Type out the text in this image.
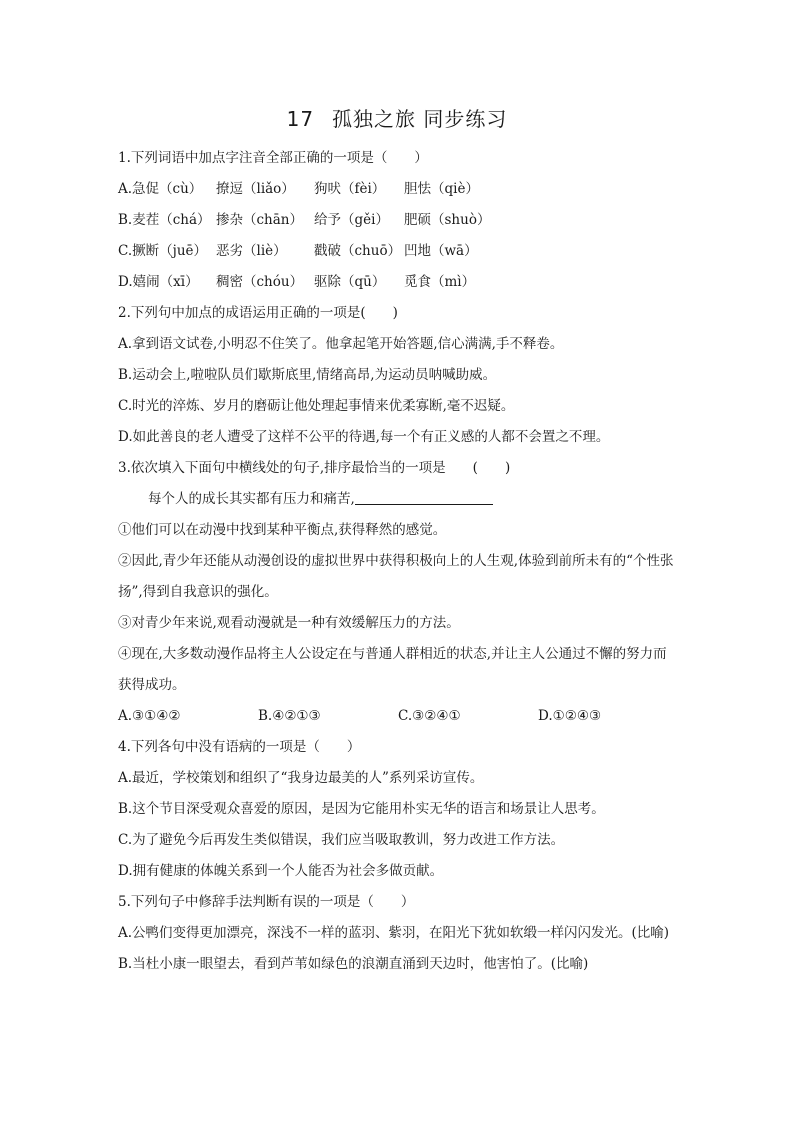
17 孤独之旅 同步练习
1.下列词语中加点字注音全部正确的一项是（　　）
A.急促（cù）	撩逗（liǎo）	狗吠（fèi）	胆怯（qiè）
B.麦茬（chá） 掺杂（chān） 给予（gěi）	肥硕（shuò）
C.撅断（juē） 恶劣（liè）	戳破（chuō） 凹地（wā）
D.嬉闹（xī）	稠密（chóu） 驱除（qū）	觅食（mì）
2.下列句中加点的成语运用正确的一项是(　　)
A.拿到语文试卷,小明忍不住笑了。他拿起笔开始答题,信心满满,手不释卷。
B.运动会上,啦啦队员们歇斯底里,情绪高昂,为运动员呐喊助威。
C.时光的淬炼、岁月的磨砺让他处理起事情来优柔寡断,毫不迟疑。
D.如此善良的老人遭受了这样不公平的待遇,每一个有正义感的人都不会置之不理。
3.依次填入下面句中横线处的句子,排序最恰当的一项是　　(　　)
每个人的成长其实都有压力和痛苦,
①他们可以在动漫中找到某种平衡点,获得释然的感觉。
②因此,青少年还能从动漫创设的虚拟世界中获得积极向上的人生观,体验到前所未有的“个性张扬”,得到自我意识的强化。
③对青少年来说,观看动漫就是一种有效缓解压力的方法。
④现在,大多数动漫作品将主人公设定在与普通人群相近的状态,并让主人公通过不懈的努力而获得成功。
A.③①④②	B.④②①③	C.③②④①	D.①②④③
4.下列各句中没有语病的一项是（　　）
A.最近，学校策划和组织了“我身边最美的人”系列采访宣传。
B.这个节目深受观众喜爱的原因，是因为它能用朴实无华的语言和场景让人思考。
C.为了避免今后再发生类似错误，我们应当吸取教训，努力改进工作方法。
D.拥有健康的体魄关系到一个人能否为社会多做贡献。
5.下列句子中修辞手法判断有误的一项是（　　）
A.公鸭们变得更加漂亮，深浅不一样的蓝羽、紫羽，在阳光下犹如软缎一样闪闪发光。(比喻)
B.当杜小康一眼望去，看到芦苇如绿色的浪潮直涌到天边时，他害怕了。(比喻)
